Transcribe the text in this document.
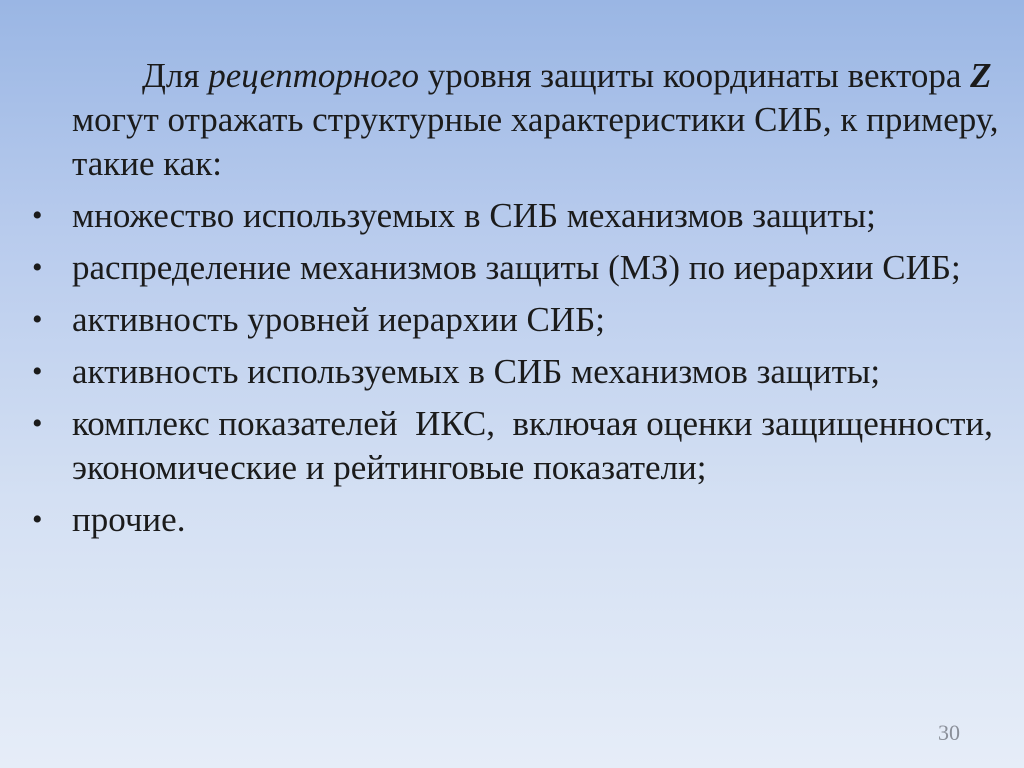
Для рецепторного уровня защиты координаты вектора Z могут отражать структурные характеристики СИБ, к примеру, такие как:

• множество используемых в СИБ механизмов защиты;
• распределение механизмов защиты (МЗ) по иерархии СИБ;
• активность уровней иерархии СИБ;
• активность используемых в СИБ механизмов защиты;
• комплекс показателей  ИКС,  включая оценки защищенности, экономические и рейтинговые показатели;
• прочие.
30
